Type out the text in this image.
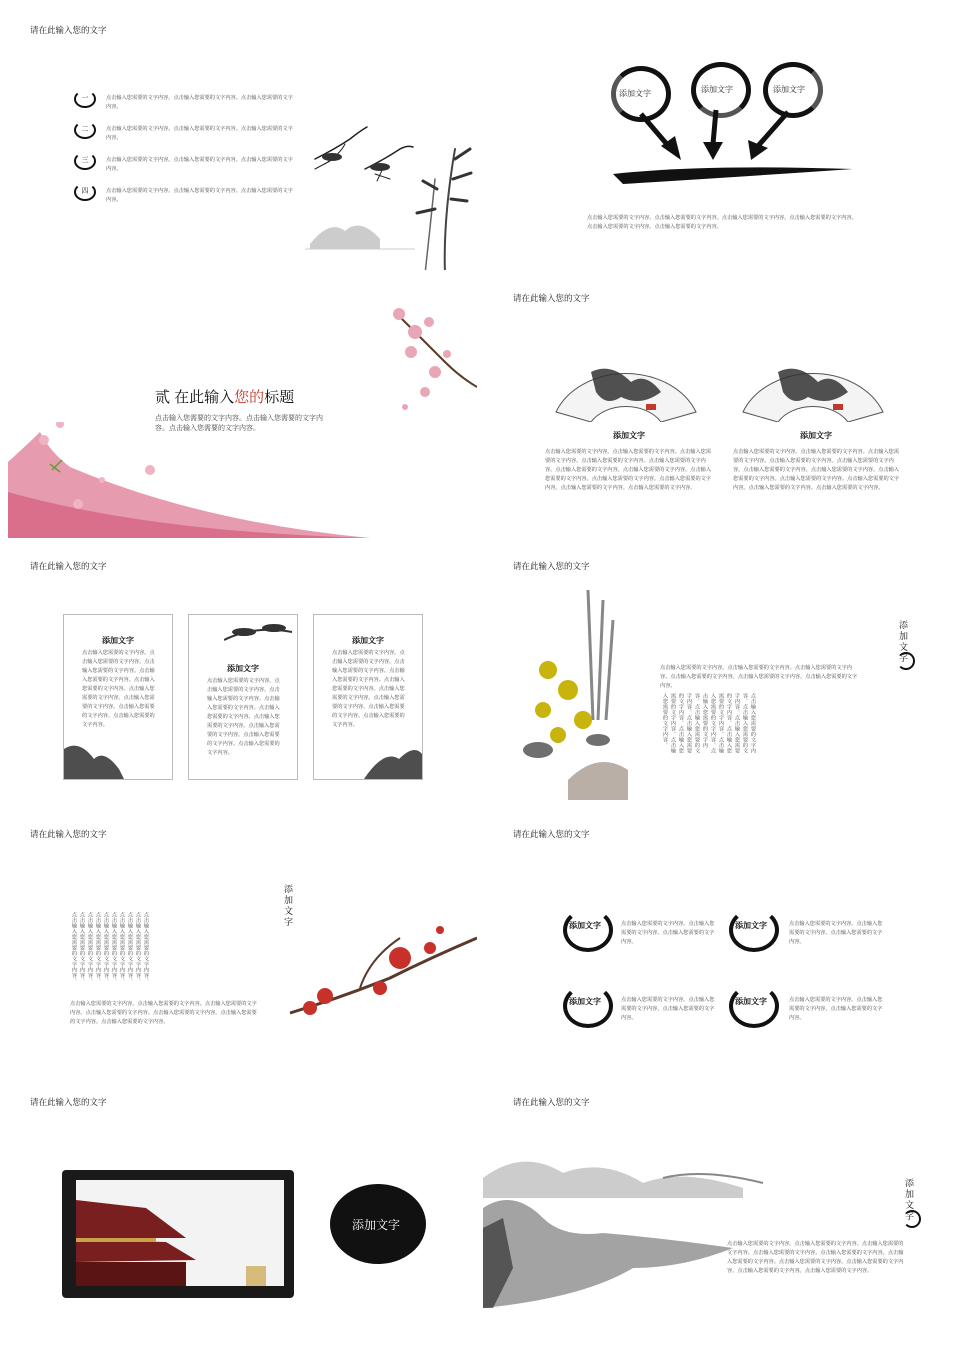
请在此输入您的文字
一	点击输入您需要的文字内容。点击输入您需要的文字内容。点击输入您需要的文字内容。
二	点击输入您需要的文字内容。点击输入您需要的文字内容。点击输入您需要的文字内容。
三	点击输入您需要的文字内容。点击输入您需要的文字内容。点击输入您需要的文字内容。
四	点击输入您需要的文字内容。点击输入您需要的文字内容。点击输入您需要的文字内容。
添加文字	添加文字	添加文字
点击输入您需要的文字内容。点击输入您需要的文字内容。点击输入您需要的文字内容。点击输入您需要的文字内容。点击输入您需要的文字内容。点击输入您需要的文字内容。
贰 在此输入您的标题
点击输入您需要的文字内容。点击输入您需要的文字内容。点击输入您需要的文字内容。
请在此输入您的文字
添加文字
点击输入您需要的文字内容。点击输入您需要的文字内容。点击输入您需要的文字内容。点击输入您需要的文字内容。点击输入您需要的文字内容。点击输入您需要的文字内容。点击输入您需要的文字内容。点击输入您需要的文字内容。点击输入您需要的文字内容。点击输入您需要的文字内容。点击输入您需要的文字内容。点击输入您需要的文字内容。
添加文字
点击输入您需要的文字内容。点击输入您需要的文字内容。点击输入您需要的文字内容。点击输入您需要的文字内容。点击输入您需要的文字内容。点击输入您需要的文字内容。点击输入您需要的文字内容。点击输入您需要的文字内容。点击输入您需要的文字内容。点击输入您需要的文字内容。点击输入您需要的文字内容。点击输入您需要的文字内容。
请在此输入您的文字
添加文字
点击输入您需要的文字内容。点击输入您需要的文字内容。点击输入您需要的文字内容。点击输入您需要的文字内容。点击输入您需要的文字内容。点击输入您需要的文字内容。点击输入您需要的文字内容。点击输入您需要的文字内容。点击输入您需要的文字内容。
添加文字
点击输入您需要的文字内容。点击输入您需要的文字内容。点击输入您需要的文字内容。点击输入您需要的文字内容。点击输入您需要的文字内容。点击输入您需要的文字内容。点击输入您需要的文字内容。点击输入您需要的文字内容。点击输入您需要的文字内容。
添加文字
点击输入您需要的文字内容。点击输入您需要的文字内容。点击输入您需要的文字内容。点击输入您需要的文字内容。点击输入您需要的文字内容。点击输入您需要的文字内容。点击输入您需要的文字内容。点击输入您需要的文字内容。点击输入您需要的文字内容。
请在此输入您的文字
点击输入您需要的文字内容。点击输入您需要的文字内容。点击输入您需要的文字内容。点击输入您需要的文字内容。点击输入您需要的文字内容。点击输入您需要的文字内容。
点击输入您需要的文字内容。点击输入您需要的文字内容。点击输入您需要的文字内容。点击输入您需要的文字内容。点击输入您需要的文字内容。点击输入您需要的文字内容。点击输入您需要的文字内容。点击输入您需要的文字内容。点击输入您需要的文字内容。点击输入您需要的文字内容。
添加文字
请在此输入您的文字
添加文字
点击输入您需要的文字内容。点击输入您需要的文字内容。点击输入您需要的文字内容。点击输入您需要的文字内容。点击输入您需要的文字内容。点击输入您需要的文字内容。点击输入您需要的文字内容。点击输入您需要的文字内容。点击输入您需要的文字内容。点击输入您需要的文字内容。
点击输入您需要的文字内容。点击输入您需要的文字内容。点击输入您需要的文字内容。点击输入您需要的文字内容。点击输入您需要的文字内容。点击输入您需要的文字内容。点击输入您需要的文字内容。
请在此输入您的文字
添加文字	点击输入您需要的文字内容。点击输入您需要的文字内容。点击输入您需要的文字内容。
添加文字	点击输入您需要的文字内容。点击输入您需要的文字内容。点击输入您需要的文字内容。
添加文字	点击输入您需要的文字内容。点击输入您需要的文字内容。点击输入您需要的文字内容。
添加文字	点击输入您需要的文字内容。点击输入您需要的文字内容。点击输入您需要的文字内容。
请在此输入您的文字
添加文字
请在此输入您的文字
添加文字
点击输入您需要的文字内容。点击输入您需要的文字内容。点击输入您需要的文字内容。点击输入您需要的文字内容。点击输入您需要的文字内容。点击输入您需要的文字内容。点击输入您需要的文字内容。点击输入您需要的文字内容。点击输入您需要的文字内容。点击输入您需要的文字内容。
